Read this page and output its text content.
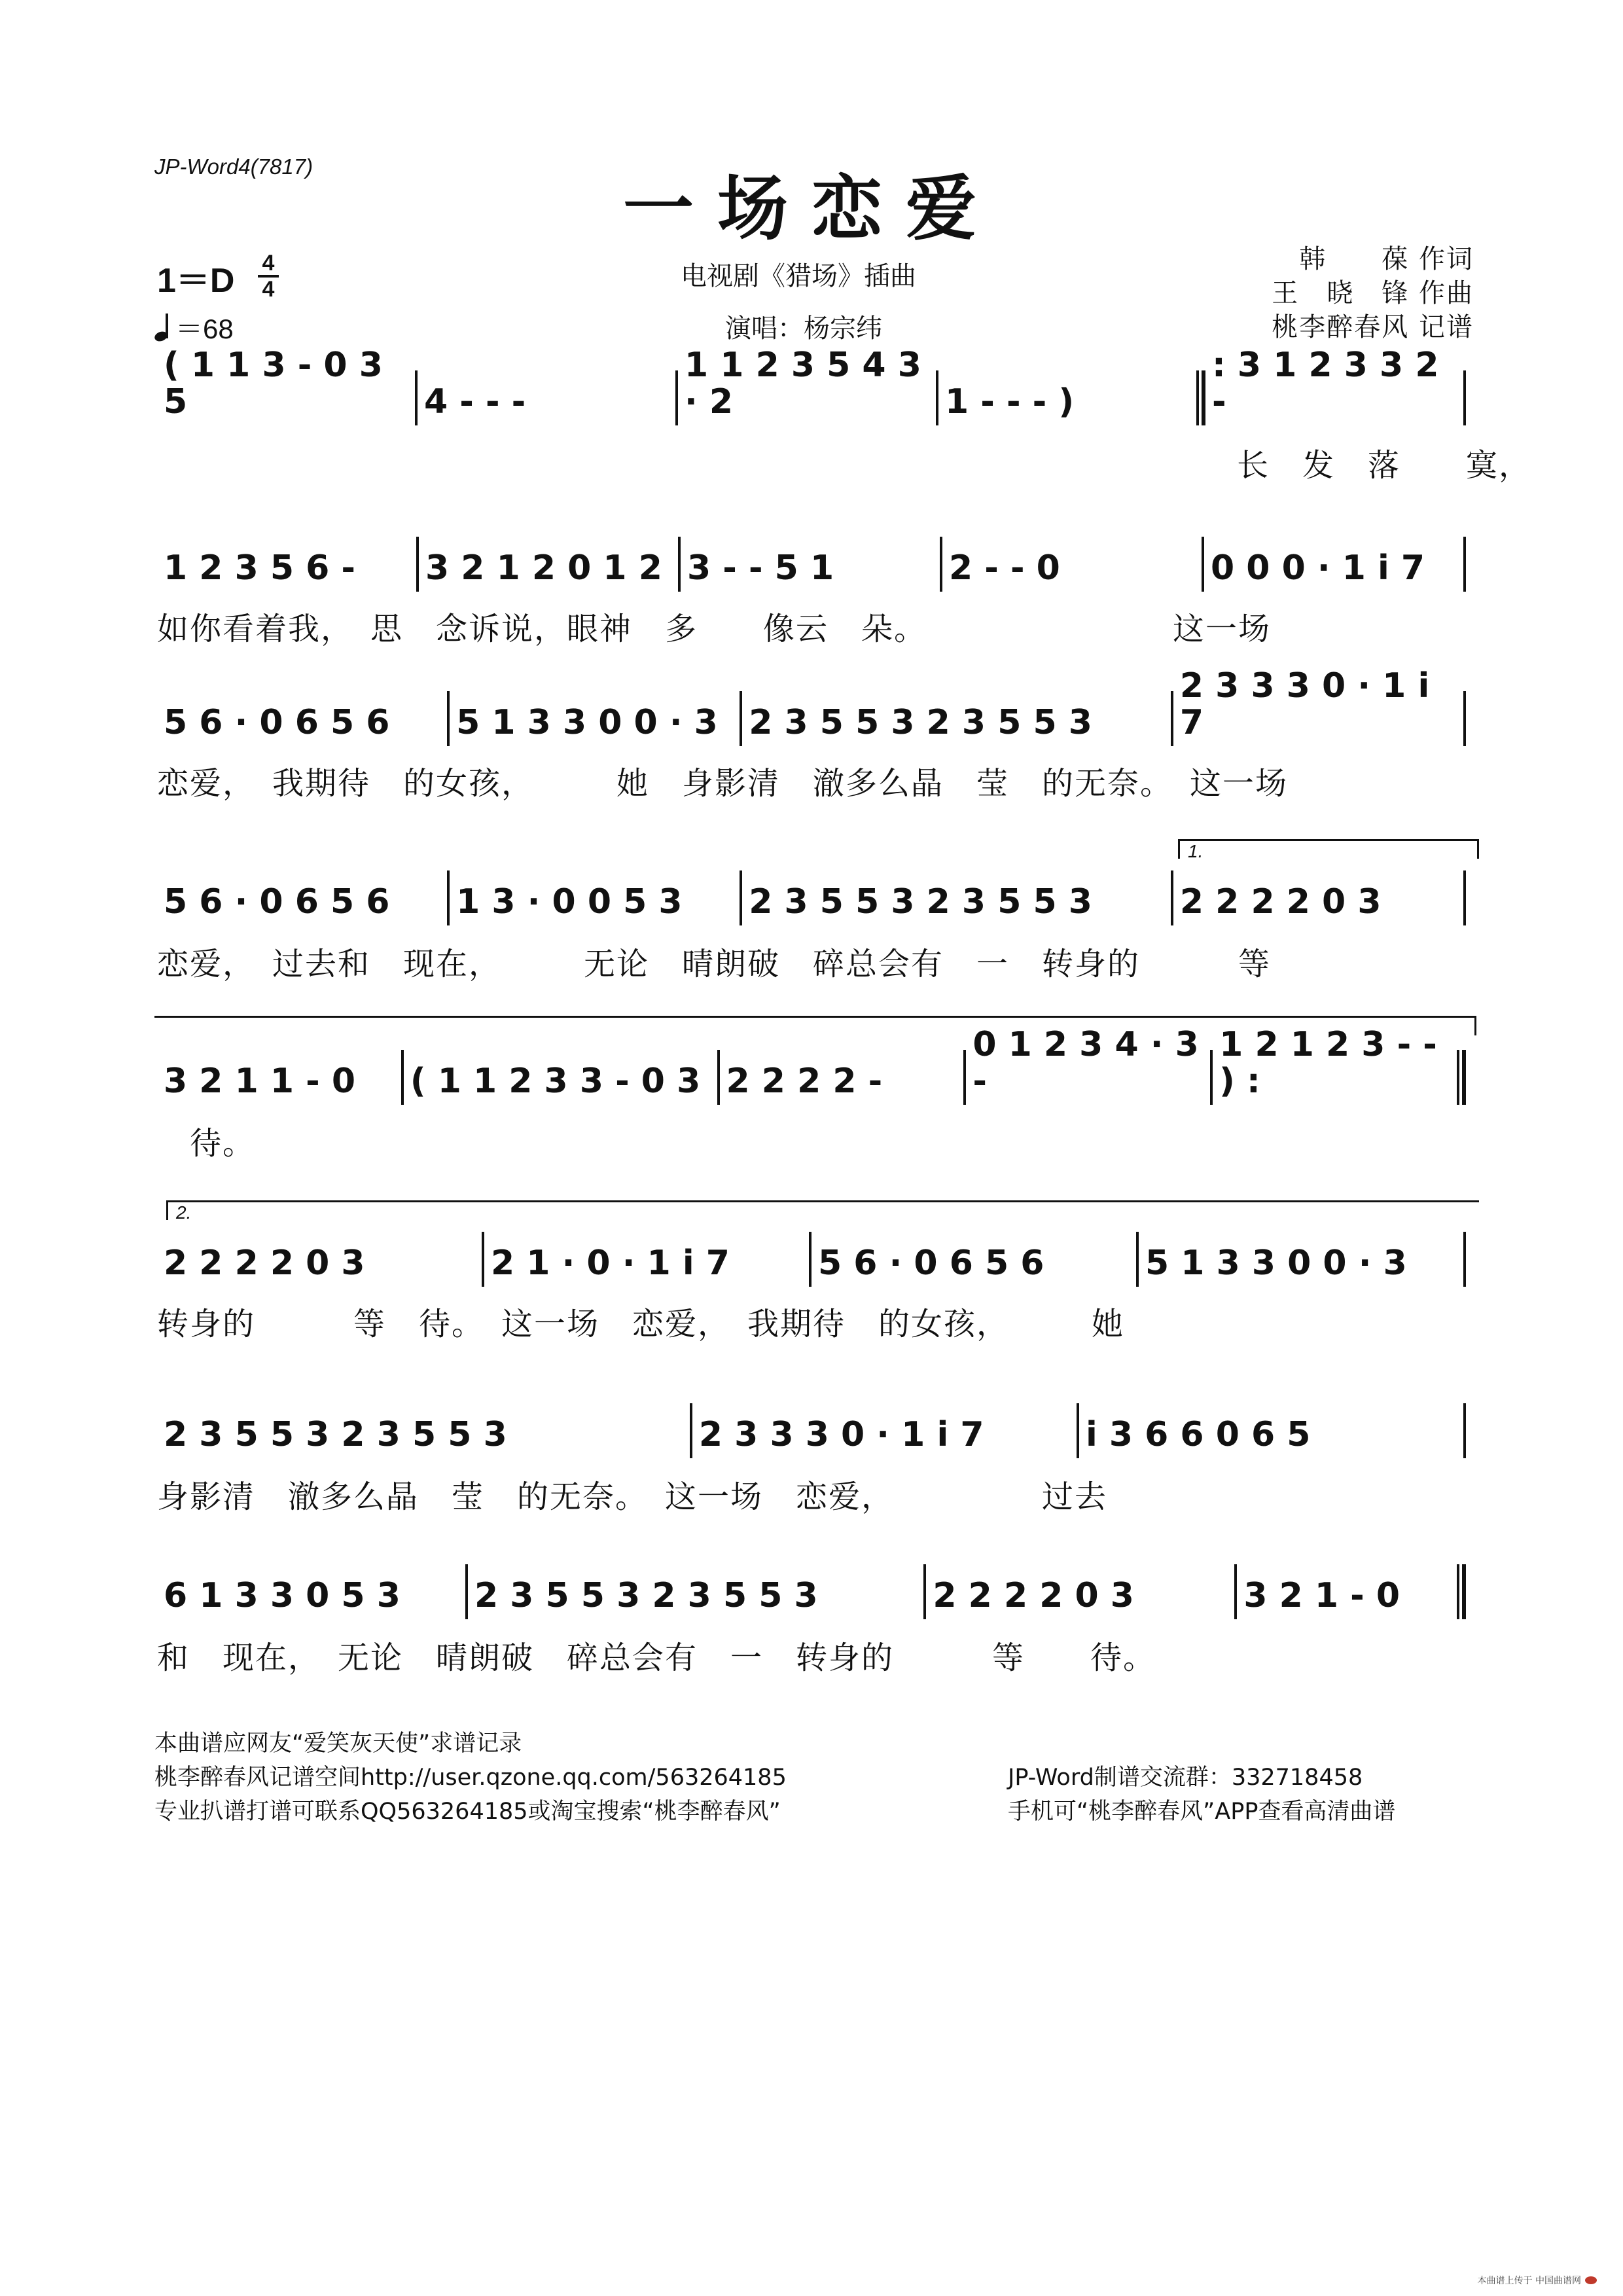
JP-Word4(7817)
一场恋爱
电视剧《猎场》插曲
演唱：杨宗纬
韩　　葆 作词
王　晓　锋 作曲
桃李醉春风 记谱
1＝D	4
4
＝68
( 1 1 3 - 0 3 5	4 - - -
1 1 2 3 5 4 3 · 2	1 - - - )
: 3 1 2 3 3 2 -
　　　　　　　　　　　　　　　　　　　　　　　　　　　　　　　　　长　发　落　　寞，
1 2 3 5 6 -	3 2 1 2 0 1 2 3 - - 5 1	2 - - 0	0 0 0 · 1 i 7
如你看着我，　思　念诉说，眼神　多　　像云　朵。　　　　　　　　这一场
5 6 · 0 6 5 6	5 1 3 3 0 0 · 3 2 3 5 5 3 2 3 5 5 3
2 3 3 3 0 · 1 i 7
恋爱，　我期待　的女孩，　　　她　身影清　澈多么晶　莹　的无奈。　这一场
1.
5 6 · 0 6 5 6	1 3 · 0 0 5 3	2 3 5 5 3 2 3 5 5 3	2 2 2 2 0 3
恋爱，　过去和　现在，　　　无论　晴朗破　碎总会有　一　转身的　　　等
3 2 1 1 - 0	( 1 1 2 3 3 - 0 3 2 2 2 2 -
0 1 2 3 4 · 3 -
1 2 1 2 3 - - ) :
　待。
2.
2 2 2 2 0 3	2 1 · 0 · 1 i 7	5 6 · 0 6 5 6	5 1 3 3 0 0 · 3
转身的　　　等　待。　这一场　恋爱，　我期待　的女孩，　　　她
2 3 5 5 3 2 3 5 5 3	2 3 3 3 0 · 1 i 7	i 3 6 6 0 6 5
身影清　澈多么晶　莹　的无奈。　这一场　恋爱，　　　　　过去
6 1 3 3 0 5 3	2 3 5 5 3 2 3 5 5 3	2 2 2 2 0 3	3 2 1 - 0
和　现在，　无论　晴朗破　碎总会有　一　转身的　　　等　　待。
本曲谱应网友“爱笑灰天使”求谱记录
桃李醉春风记谱空间http://user.qzone.qq.com/563264185
专业扒谱打谱可联系QQ563264185或淘宝搜索“桃李醉春风”
JP-Word制谱交流群：332718458
手机可“桃李醉春风”APP查看高清曲谱
本曲谱上传于 中国曲谱网
